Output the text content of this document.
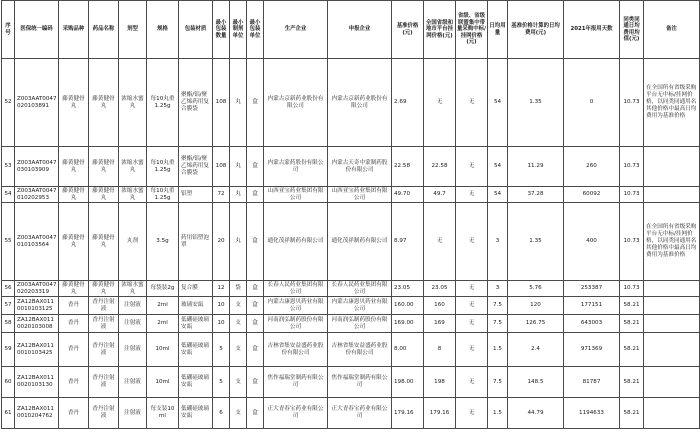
序号	医保统一编码	采购品种	药品名称	剂型	规格	包装材质	最小包装数量	最小制剂单位	最小包装单位	生产企业	申报企业	基准价格(元)	全国省级和地市平台挂网价格(元)	省级、省级联盟集中带量采购中标/挂网价格(元)	日均用量	基准价格计算的日均费用(元)	2021年报用天数	同类同通日均费用均值(元)	备注
52	Z003AAT0047020103891	藤黄健骨丸	藤黄健骨丸	浓缩水蜜丸	每10丸重1.25g	聚酯/铝/聚乙烯药用复合膜袋	108	丸	盒	内蒙古京新药业股份有限公司	内蒙古京新药业股份有限公司	2.69	无	无	54	1.35	0	10.73	在全国所有省级采购平台无中标/挂网价格，以同类同通用名其他价格中最高日均费用为基准价格
53	Z003AAT0047030103909	藤黄健骨丸	藤黄健骨丸	浓缩水蜜丸	每10丸重1.25g	聚酯/铝/聚乙烯药用复合膜袋	108	丸	盒	内蒙古蒙药股份有限公司	内蒙古天奇中蒙制药股份有限公司	22.58	22.58	无	54	11.29	260	10.73	
54	Z003AAT0047010202953	藤黄健骨丸	藤黄健骨丸	浓缩水蜜丸	每10丸重1.25g	铝塑	72	丸	盒	山西亚宝药业集团有限公司	山西亚宝药业集团有限公司	49.70	49.7	无	54	37.28	60092	10.73	
55	Z003AAT0047010103564	藤黄健骨丸	藤黄健骨丸	丸剂	3.5g	药用铝塑泡罩	20	丸	盒	通化茂祥制药有限公司	通化茂祥制药有限公司	8.97	无	无	3	1.35	400	10.73	在全国所有省级采购平台无中标/挂网价格，以同类同通用名其他价格中最高日均费用为基准价格
56	Z003AAT0047020203319	藤黄健骨丸	藤黄健骨丸	浓缩水蜜丸	每袋装2g	复合膜	12	袋	盒	长春人民药业集团有限公司	长春人民药业集团有限公司	23.05	23.05	无	3	5.76	253387	10.73	
57	ZA12BAX0110010103125	香丹	香丹注射液	注射液	2ml	玻璃安瓿	10	支	盒	内蒙古康恩贝药业有限公司	内蒙古康恩贝药业有限公司	160.00	160	无	7.5	120	177151	58.21	
58	ZA12BAX0110020103008	香丹	香丹注射液	注射液	2ml	低硼硅玻璃安瓿	10	支	盒	河南润弘制药股份有限公司	河南润弘制药股份有限公司	169.00	169	无	7.5	126.75	643003	58.21	
59	ZA12BAX0110010103425	香丹	香丹注射液	注射液	10ml	低硼硅玻璃安瓿	5	支	盒	吉林省集安益盛药业股份有限公司	吉林省集安益盛药业股份有限公司	8.00	8	无	1.5	2.4	971369	58.21	
60	ZA12BAX0110020103130	香丹	香丹注射液	注射液	10ml	低硼硅玻璃安瓿	5	支	盒	焦作福瑞堂制药有限公司	焦作福瑞堂制药有限公司	198.00	198	无	7.5	148.5	81787	58.21	
61	ZA12BAX0110010204762	香丹	香丹注射液	注射液	每支装10ml	低硼硅玻璃安瓿	6	支	盒	正大青春宝药业有限公司	正大青春宝药业有限公司	179.16	179.16	无	1.5	44.79	1194633	58.21	
